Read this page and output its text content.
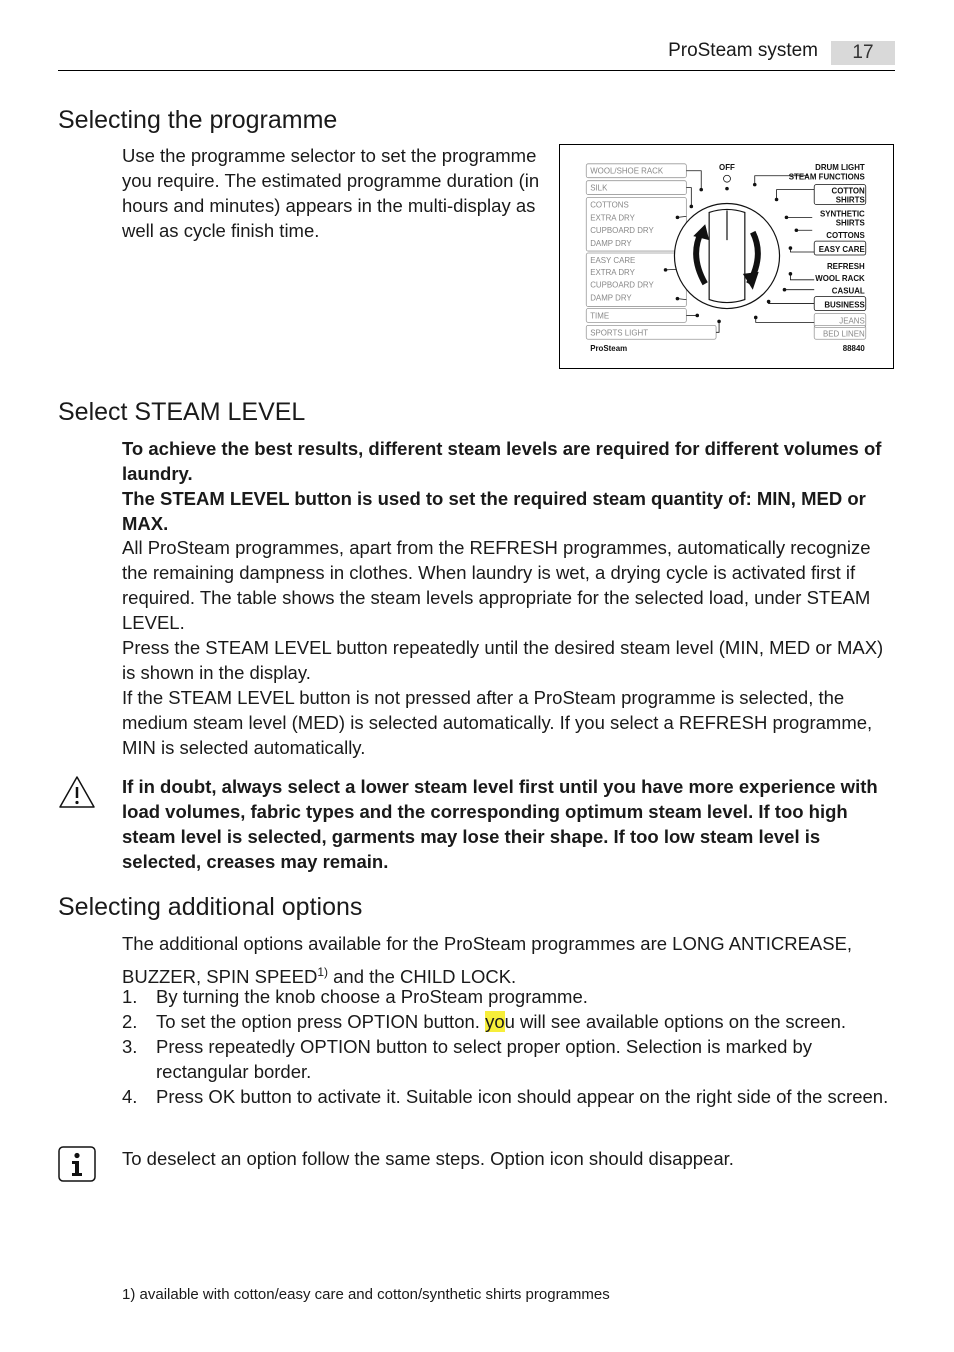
ProSteam system	17
Selecting the programme

Use the programme selector to set the programme you require. The estimated programme duration (in hours and minutes) appears in the multi-display as well as cycle finish time.

WOOL/SHOE RACK
SILK
COTTONS
EXTRA DRY
CUPBOARD DRY
DAMP DRY
EASY CARE
EXTRA DRY
CUPBOARD DRY
DAMP DRY
TIME
SPORTS LIGHT
OFF	DRUM LIGHT
STEAM FUNCTIONS
COTTON
SHIRTS
SYNTHETIC
SHIRTS
COTTONS
EASY CARE
REFRESH
WOOL RACK
CASUAL
BUSINESS
JEANS
BED LINEN
ProSteam	88840
Select STEAM LEVEL

To achieve the best results, different steam levels are required for different volumes of laundry.

The STEAM LEVEL button is used to set the required steam quantity of: MIN, MED or MAX.

All ProSteam programmes, apart from the REFRESH programmes, automatically recognize the remaining dampness in clothes. When laundry is wet, a drying cycle is activated first if required. The table shows the steam levels appropriate for the selected load, under STEAM LEVEL.

Press the STEAM LEVEL button repeatedly until the desired steam level (MIN, MED or MAX) is shown in the display.

If the STEAM LEVEL button is not pressed after a ProSteam programme is selected, the medium steam level (MED) is selected automatically. If you select a REFRESH programme, MIN is selected automatically.

If in doubt, always select a lower steam level first until you have more experience with load volumes, fabric types and the corresponding optimum steam level. If too high steam level is selected, garments may lose their shape. If too low steam level is selected, creases may remain.

Selecting additional options

The additional options available for the ProSteam programmes are LONG ANTICREASE, BUZZER, SPIN SPEED$^{1)}$ and the CHILD LOCK.

1. By turning the knob choose a ProSteam programme.
2. To set the option press OPTION button. you will see available options on the screen.
3. Press repeatedly OPTION button to select proper option. Selection is marked by rectangular border.
4. Press OK button to activate it. Suitable icon should appear on the right side of the screen.

To deselect an option follow the same steps. Option icon should disappear.

1) available with cotton/easy care and cotton/synthetic shirts programmes
